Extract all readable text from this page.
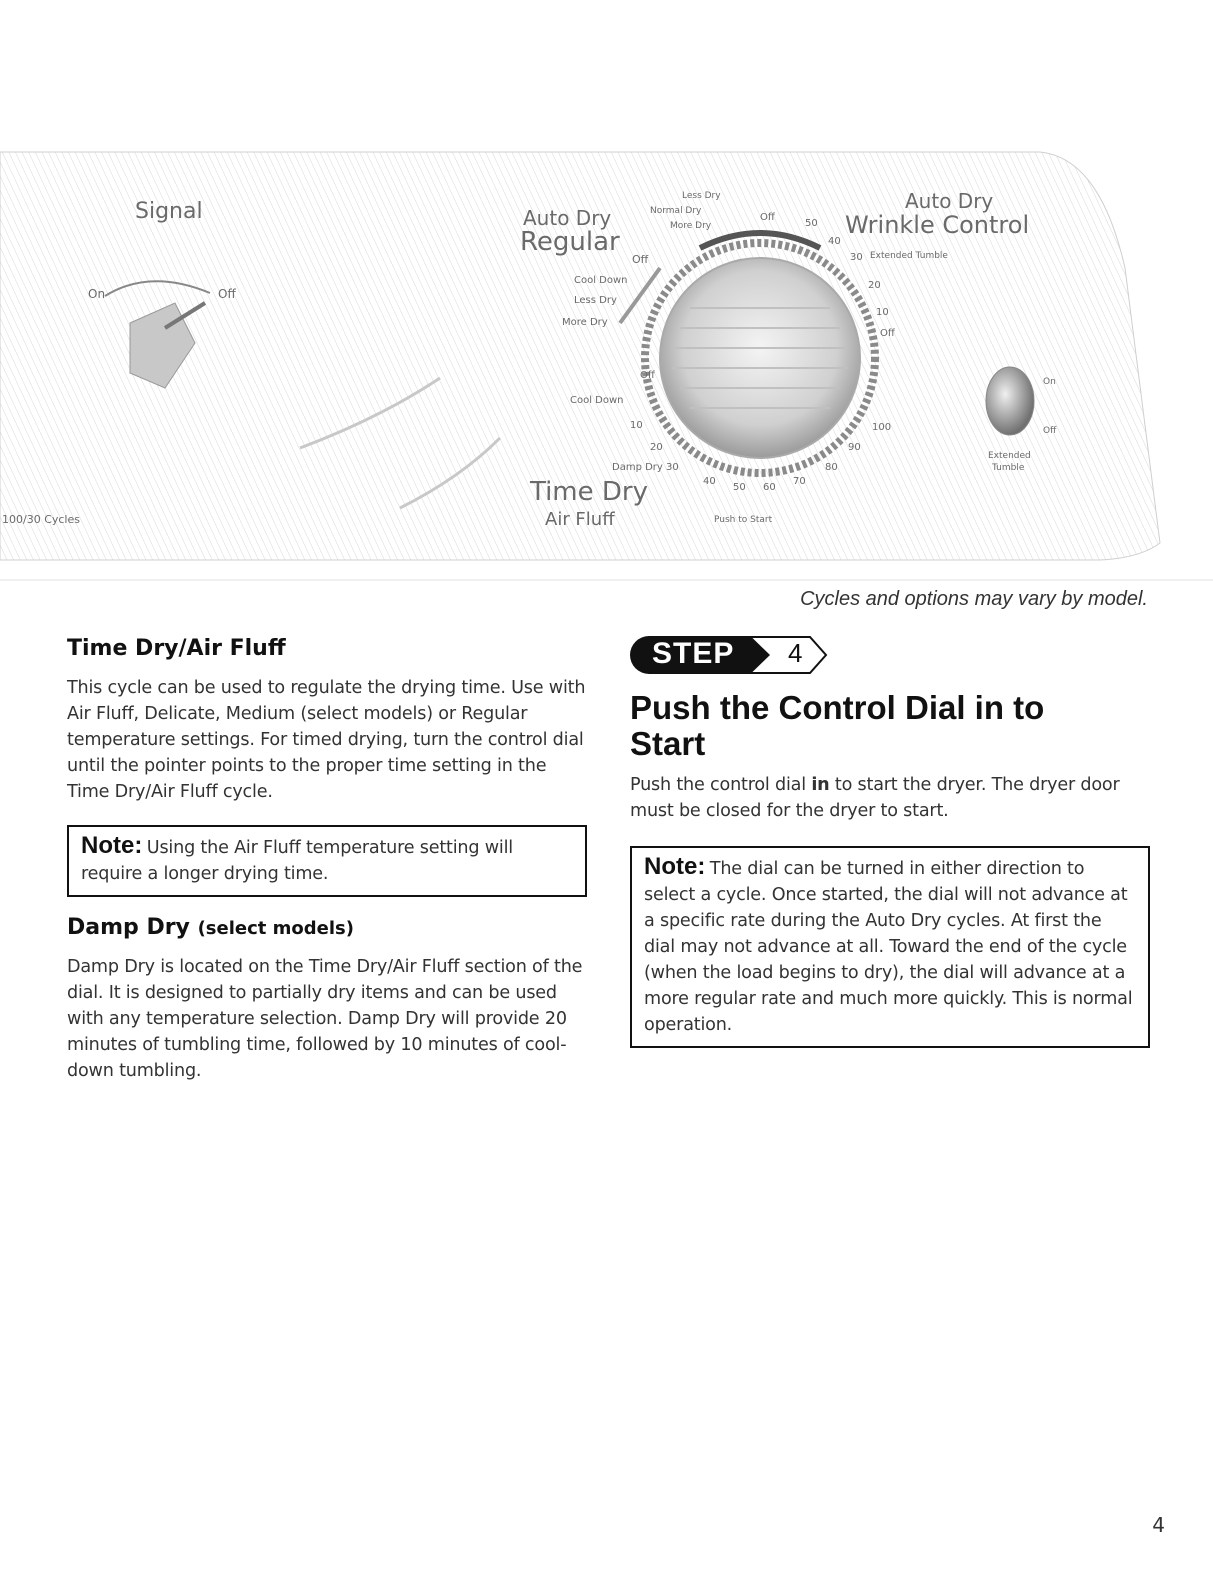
Signal
On	Off
100/30 Cycles
Auto Dry
Regular
Off
Cool Down
Less Dry
More Dry
Less Dry
Normal Dry
More Dry
Off
Auto Dry
Wrinkle Control
Extended Tumble
Off
Off
Cool Down
Damp Dry 30
Time Dry
Air Fluff	Push to Start
10
20
40
50 60
70
80
90
100
50
40
30
20
10
On
Off
Extended
Tumble
Cycles and options may vary by model.
Time Dry/Air Fluff

This cycle can be used to regulate the drying time. Use with Air Fluff, Delicate, Medium (select models) or Regular temperature settings. For timed drying, turn the control dial until the pointer points to the proper time setting in the Time Dry/Air Fluff cycle.

Note: Using the Air Fluff temperature setting will require a longer drying time.

Damp Dry (select models)

Damp Dry is located on the Time Dry/Air Fluff section of the dial. It is designed to partially dry items and can be used with any temperature selection. Damp Dry will provide 20 minutes of tumbling time, followed by 10 minutes of cool-down tumbling.

STEP 4
Push the Control Dial in to Start

Push the control dial in to start the dryer. The dryer door must be closed for the dryer to start.

Note: The dial can be turned in either direction to select a cycle. Once started, the dial will not advance at a specific rate during the Auto Dry cycles. At first the dial may not advance at all. Toward the end of the cycle (when the load begins to dry), the dial will advance at a more regular rate and much more quickly. This is normal operation.

4
